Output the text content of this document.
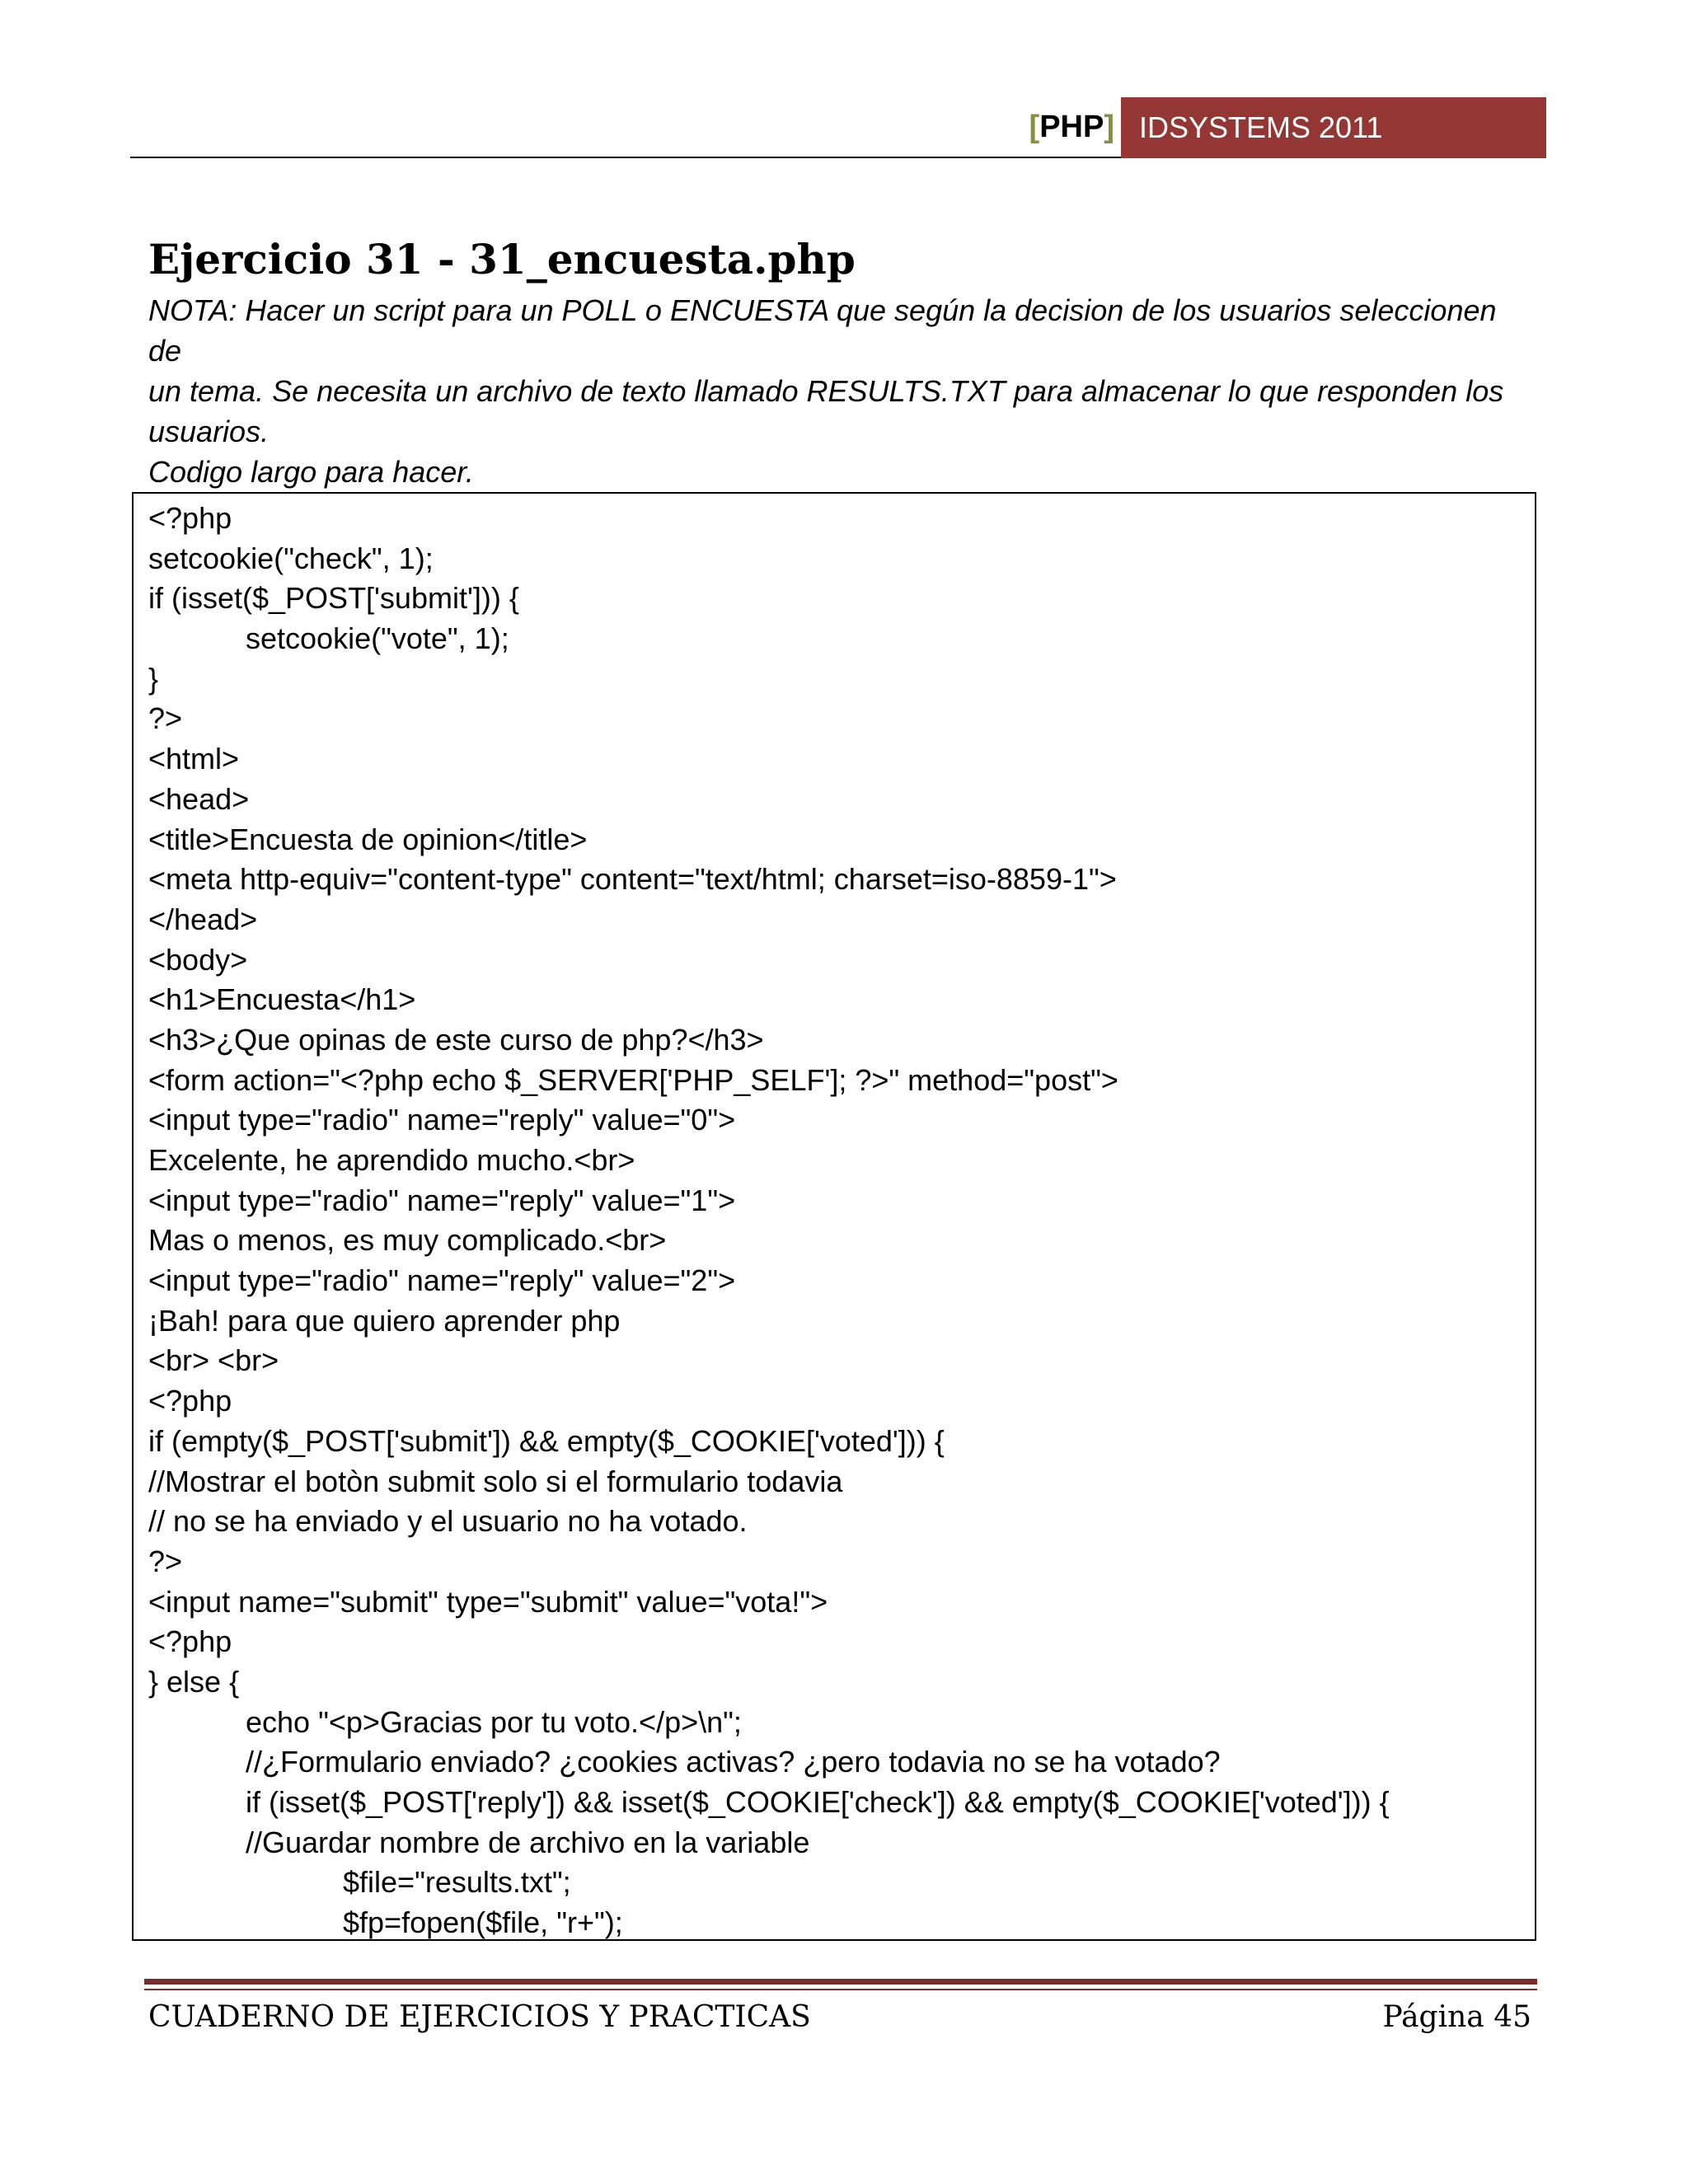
[ PHP ] IDSYSTEMS 2011
Ejercicio 31 - 31_encuesta.php
NOTA: Hacer un script para un POLL o ENCUESTA que según la decision de los usuarios seleccionen de
un tema. Se necesita un archivo de texto llamado RESULTS.TXT para almacenar lo que responden los
usuarios.
Codigo largo para hacer.
<?php
setcookie("check", 1);
if (isset($_POST['submit'])) {
setcookie("vote", 1);
}
?>
<html>
<head>
<title>Encuesta de opinion</title>
<meta http-equiv="content-type" content="text/html; charset=iso-8859-1">
</head>
<body>
<h1>Encuesta</h1>
<h3>¿Que opinas de este curso de php?</h3>
<form action="<?php echo $_SERVER['PHP_SELF']; ?>" method="post">
<input type="radio" name="reply" value="0">
Excelente, he aprendido mucho.<br>
<input type="radio" name="reply" value="1">
Mas o menos, es muy complicado.<br>
<input type="radio" name="reply" value="2">
¡Bah! para que quiero aprender php
<br> <br>
<?php
if (empty($_POST['submit']) && empty($_COOKIE['voted'])) {
//Mostrar el botòn submit solo si el formulario todavia
// no se ha enviado y el usuario no ha votado.
?>
<input name="submit" type="submit" value="vota!">
<?php
} else {
echo "<p>Gracias por tu voto.</p>\n";
//¿Formulario enviado? ¿cookies activas? ¿pero todavia no se ha votado?
if (isset($_POST['reply']) && isset($_COOKIE['check']) && empty($_COOKIE['voted'])) {
//Guardar nombre de archivo en la variable
$file="results.txt";
$fp=fopen($file, "r+");
CUADERNO DE EJERCICIOS Y PRACTICAS	Página 45
